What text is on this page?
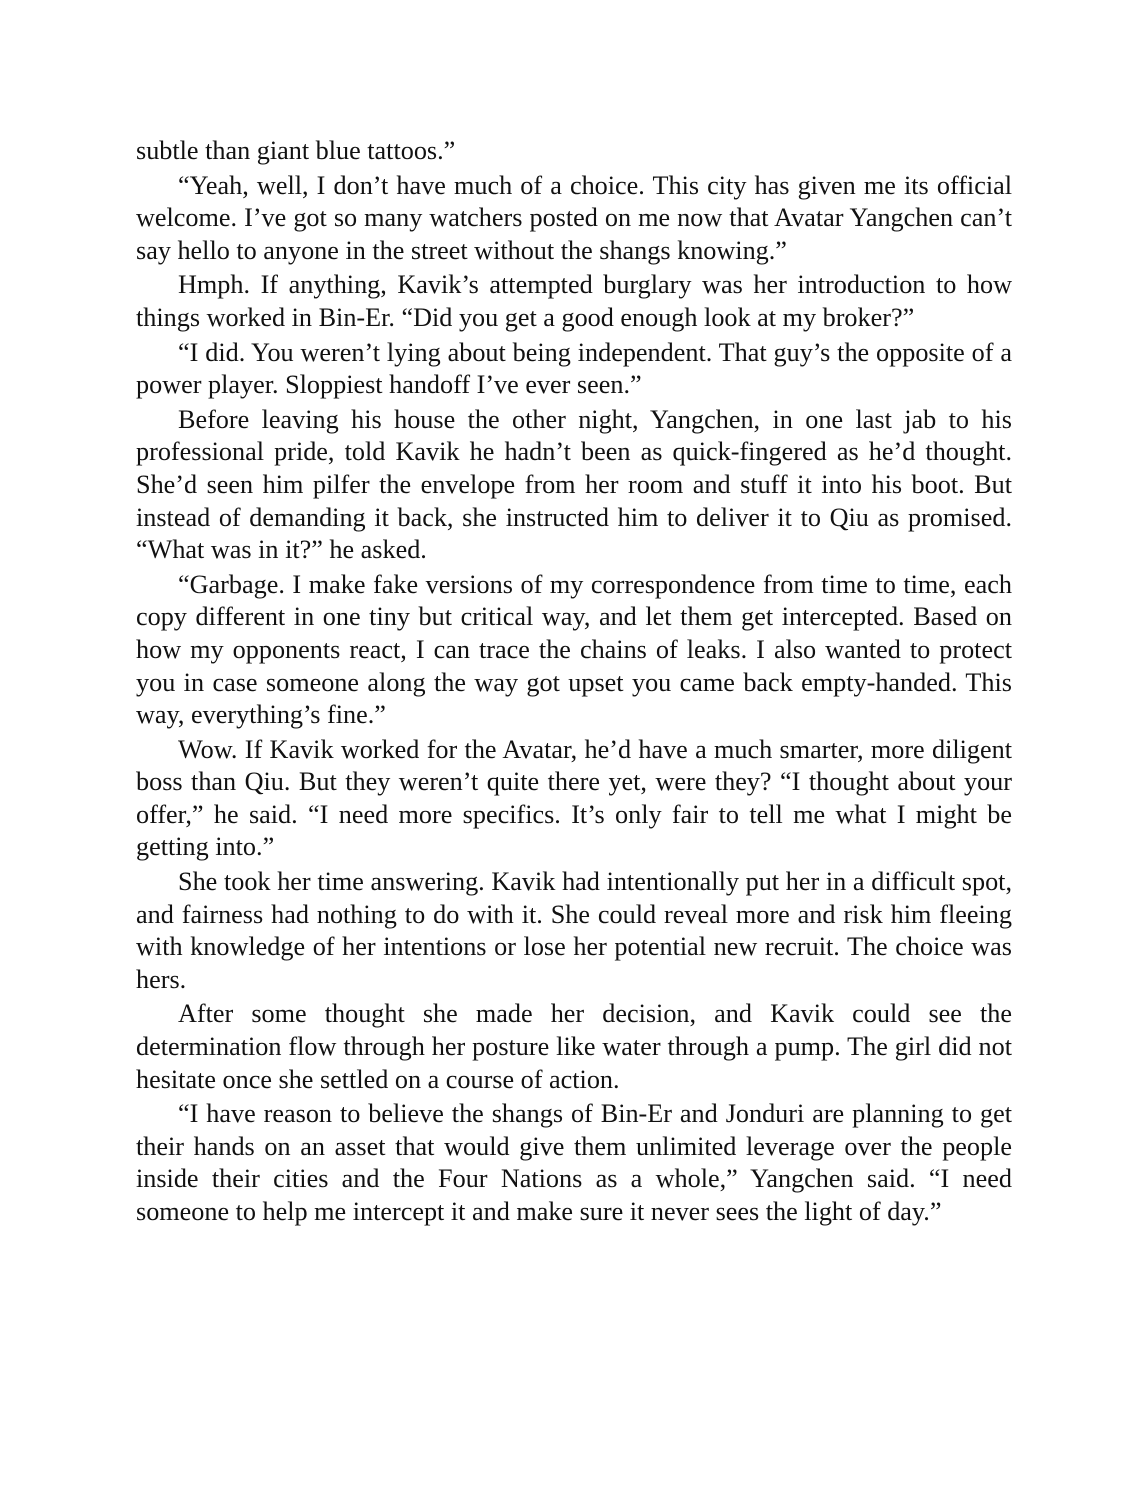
subtle than giant blue tattoos.”

“Yeah, well, I don’t have much of a choice. This city has given me its official welcome. I’ve got so many watchers posted on me now that Avatar Yangchen can’t say hello to anyone in the street without the shangs knowing.”

Hmph. If anything, Kavik’s attempted burglary was her introduction to how things worked in Bin-Er. “Did you get a good enough look at my broker?”

“I did. You weren’t lying about being independent. That guy’s the opposite of a power player. Sloppiest handoff I’ve ever seen.”

Before leaving his house the other night, Yangchen, in one last jab to his professional pride, told Kavik he hadn’t been as quick-fingered as he’d thought. She’d seen him pilfer the envelope from her room and stuff it into his boot. But instead of demanding it back, she instructed him to deliver it to Qiu as promised. “What was in it?” he asked.

“Garbage. I make fake versions of my correspondence from time to time, each copy different in one tiny but critical way, and let them get intercepted. Based on how my opponents react, I can trace the chains of leaks. I also wanted to protect you in case someone along the way got upset you came back empty-handed. This way, everything’s fine.”

Wow. If Kavik worked for the Avatar, he’d have a much smarter, more diligent boss than Qiu. But they weren’t quite there yet, were they? “I thought about your offer,” he said. “I need more specifics. It’s only fair to tell me what I might be getting into.”

She took her time answering. Kavik had intentionally put her in a difficult spot, and fairness had nothing to do with it. She could reveal more and risk him fleeing with knowledge of her intentions or lose her potential new recruit. The choice was hers.

After some thought she made her decision, and Kavik could see the determination flow through her posture like water through a pump. The girl did not hesitate once she settled on a course of action.

“I have reason to believe the shangs of Bin-Er and Jonduri are planning to get their hands on an asset that would give them unlimited leverage over the people inside their cities and the Four Nations as a whole,” Yangchen said. “I need someone to help me intercept it and make sure it never sees the light of day.”
